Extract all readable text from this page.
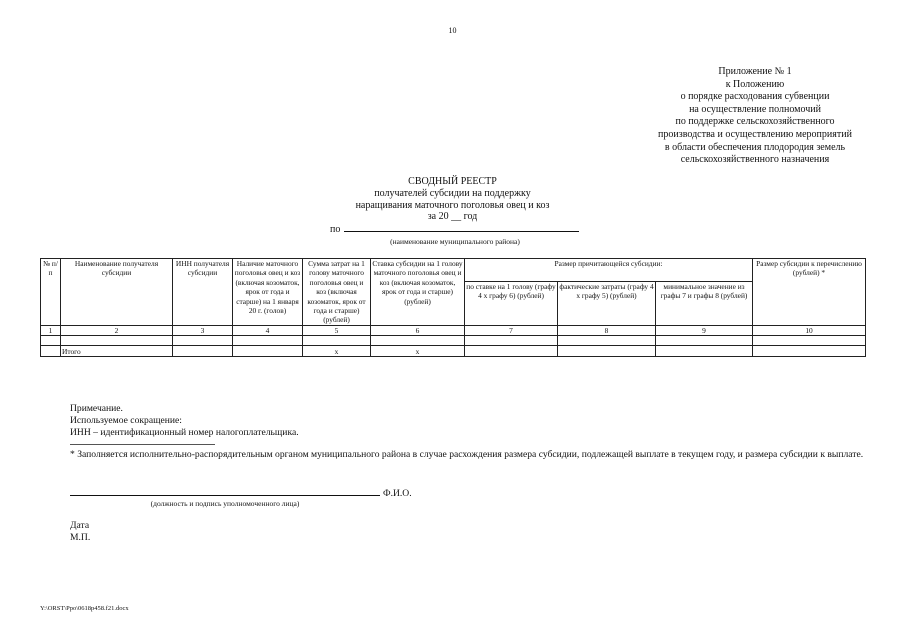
10
Приложение № 1
к Положению
о порядке расходования субвенции
на осуществление полномочий
по поддержке сельскохозяйственного
производства и осуществлению мероприятий
в области обеспечения плодородия земель
сельскохозяйственного назначения
СВОДНЫЙ РЕЕСТР
получателей субсидии на поддержку
наращивания маточного поголовья овец и коз
за 20 __ год
по
(наименование муниципального района)
№ п/п	Наименование получателя субсидии	ИНН получателя субсидии	Наличие маточного поголовья овец и коз (включая козоматок, ярок от года и старше) на 1 января 20 г. (голов)	Сумма затрат на 1 голову маточного поголовья овец и коз (включая козоматок, ярок от года и старше) (рублей)	Ставка субсидии на 1 голову маточного поголовья овец и коз (включая козоматок, ярок от года и старше) (рублей)	Размер причитающейся субсидии:			Размер субсидии к перечислению (рублей) *
						по ставке на 1 голову (графу 4 х графу 6) (рублей)	фактические затраты (графу 4 х графу 5) (рублей)	минимальное значение из графы 7 и графы 8 (рублей)	
1	2	3	4	5	6	7	8	9	10

	Итого			х	х				
Примечание.
Используемое сокращение:
ИНН – идентификационный номер налогоплательщика.
* Заполняется исполнительно-распорядительным органом муниципального района в случае расхождения размера субсидии, подлежащей выплате в текущем году, и размера субсидии к выплате.
Ф.И.О.
(должность и подпись уполномоченного лица)
Дата
М.П.
Y:\ORST\Ppo\0618p458.f21.docx
